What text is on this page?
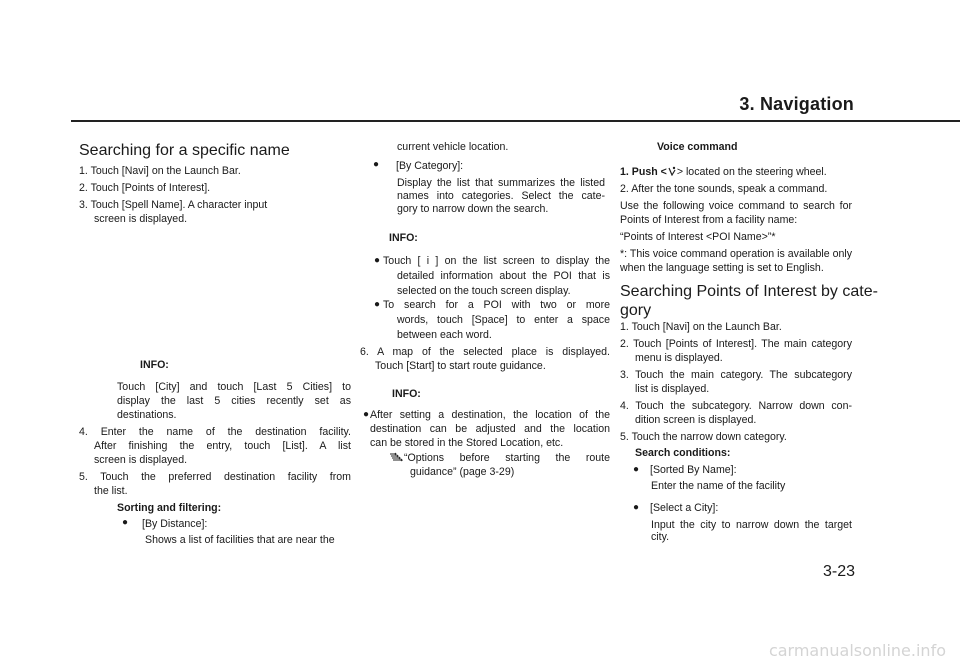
3. Navigation
Searching for a specific name
1. Touch [Navi] on the Launch Bar.
2. Touch [Points of Interest].
3. Touch [Spell Name]. A character input
screen is displayed.
INFO:
Touch [City] and touch [Last 5 Cities] to
display the last 5 cities recently set as
destinations.
4. Enter the name of the destination facility.
After finishing the entry, touch [List]. A list
screen is displayed.
5. Touch the preferred destination facility from
the list.
Sorting and filtering:
● [By Distance]:
Shows a list of facilities that are near the
current vehicle location.
● [By Category]:
Display the list that summarizes the listed
names into categories. Select the cate-
gory to narrow down the search.
INFO:
● Touch [ i ] on the list screen to display the
detailed information about the POI that is
selected on the touch screen display.
● To search for a POI with two or more
words, touch [Space] to enter a space
between each word.
6. A map of the selected place is displayed.
Touch [Start] to start route guidance.
INFO:
● After setting a destination, the location of the
destination can be adjusted and the location
can be stored in the Stored Location, etc.
“Options before starting the route
guidance” (page 3-29)
Voice command
1. Push < > located on the steering wheel.
2. After the tone sounds, speak a command.
Use the following voice command to search for
Points of Interest from a facility name:
“Points of Interest <POI Name>”*
*: This voice command operation is available only
when the language setting is set to English.
Searching Points of Interest by cate-
gory
1. Touch [Navi] on the Launch Bar.
2. Touch [Points of Interest]. The main category
menu is displayed.
3. Touch the main category. The subcategory
list is displayed.
4. Touch the subcategory. Narrow down con-
dition screen is displayed.
5. Touch the narrow down category.
Search conditions:
● [Sorted By Name]:
Enter the name of the facility
● [Select a City]:
Input the city to narrow down the target
city.
3-23
carmanualsonline.info
